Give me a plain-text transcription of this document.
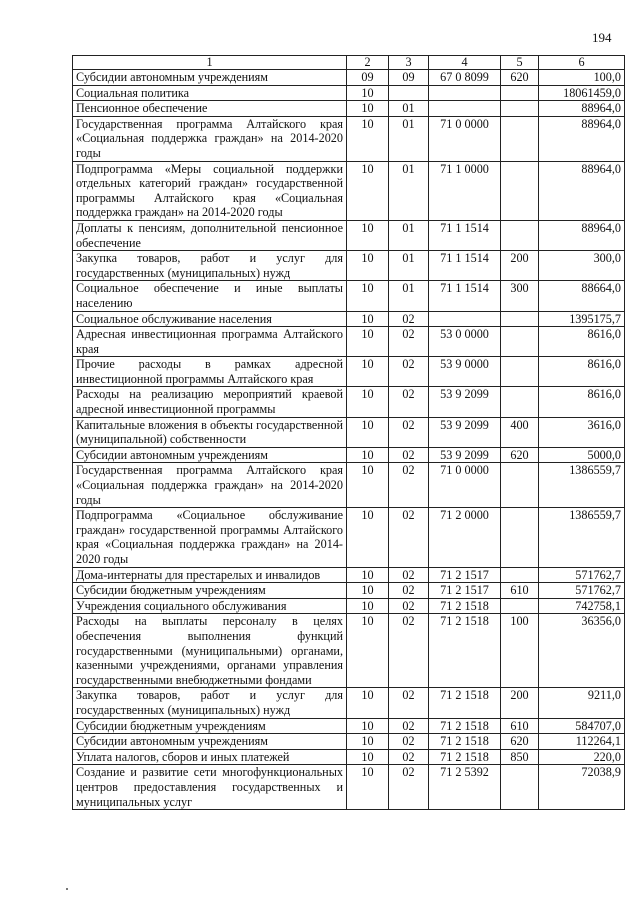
194
1	2	3	4	5	6
Субсидии автономным учреждениям	09	09	67 0 8099	620	100,0
Социальная политика	10				18061459,0
Пенсионное обеспечение	10	01			88964,0
Государственная программа Алтайского края «Социальная поддержка граждан» на 2014-2020 годы	10	01	71 0 0000		88964,0
Подпрограмма «Меры социальной поддержки отдельных категорий граждан» государственной программы Алтайского края «Социальная поддержка граждан» на 2014-2020 годы	10	01	71 1 0000		88964,0
Доплаты к пенсиям, дополнительной пенсионное обеспечение	10	01	71 1 1514		88964,0
Закупка товаров, работ и услуг для государственных (муниципальных) нужд	10	01	71 1 1514	200	300,0
Социальное обеспечение и иные выплаты населению	10	01	71 1 1514	300	88664,0
Социальное обслуживание населения	10	02			1395175,7
Адресная инвестиционная программа Алтайского края	10	02	53 0 0000		8616,0
Прочие расходы в рамках адресной инвестиционной программы Алтайского края	10	02	53 9 0000		8616,0
Расходы на реализацию мероприятий краевой адресной инвестиционной программы	10	02	53 9 2099		8616,0
Капитальные вложения в объекты государственной (муниципальной) собственности	10	02	53 9 2099	400	3616,0
Субсидии автономным учреждениям	10	02	53 9 2099	620	5000,0
Государственная программа Алтайского края «Социальная поддержка граждан» на 2014-2020 годы	10	02	71 0 0000		1386559,7
Подпрограмма «Социальное обслуживание граждан» государственной программы Алтайского края «Социальная поддержка граждан» на 2014-2020 годы	10	02	71 2 0000		1386559,7
Дома-интернаты для престарелых и инвалидов	10	02	71 2 1517		571762,7
Субсидии бюджетным учреждениям	10	02	71 2 1517	610	571762,7
Учреждения социального обслуживания	10	02	71 2 1518		742758,1
Расходы на выплаты персоналу в целях обеспечения выполнения функций государственными (муниципальными) органами, казенными учреждениями, органами управления государственными внебюджетными фондами	10	02	71 2 1518	100	36356,0
Закупка товаров, работ и услуг для государственных (муниципальных) нужд	10	02	71 2 1518	200	9211,0
Субсидии бюджетным учреждениям	10	02	71 2 1518	610	584707,0
Субсидии автономным учреждениям	10	02	71 2 1518	620	112264,1
Уплата налогов, сборов и иных платежей	10	02	71 2 1518	850	220,0
Создание и развитие сети многофункциональных центров предоставления государственных и муниципальных услуг	10	02	71 2 5392		72038,9
